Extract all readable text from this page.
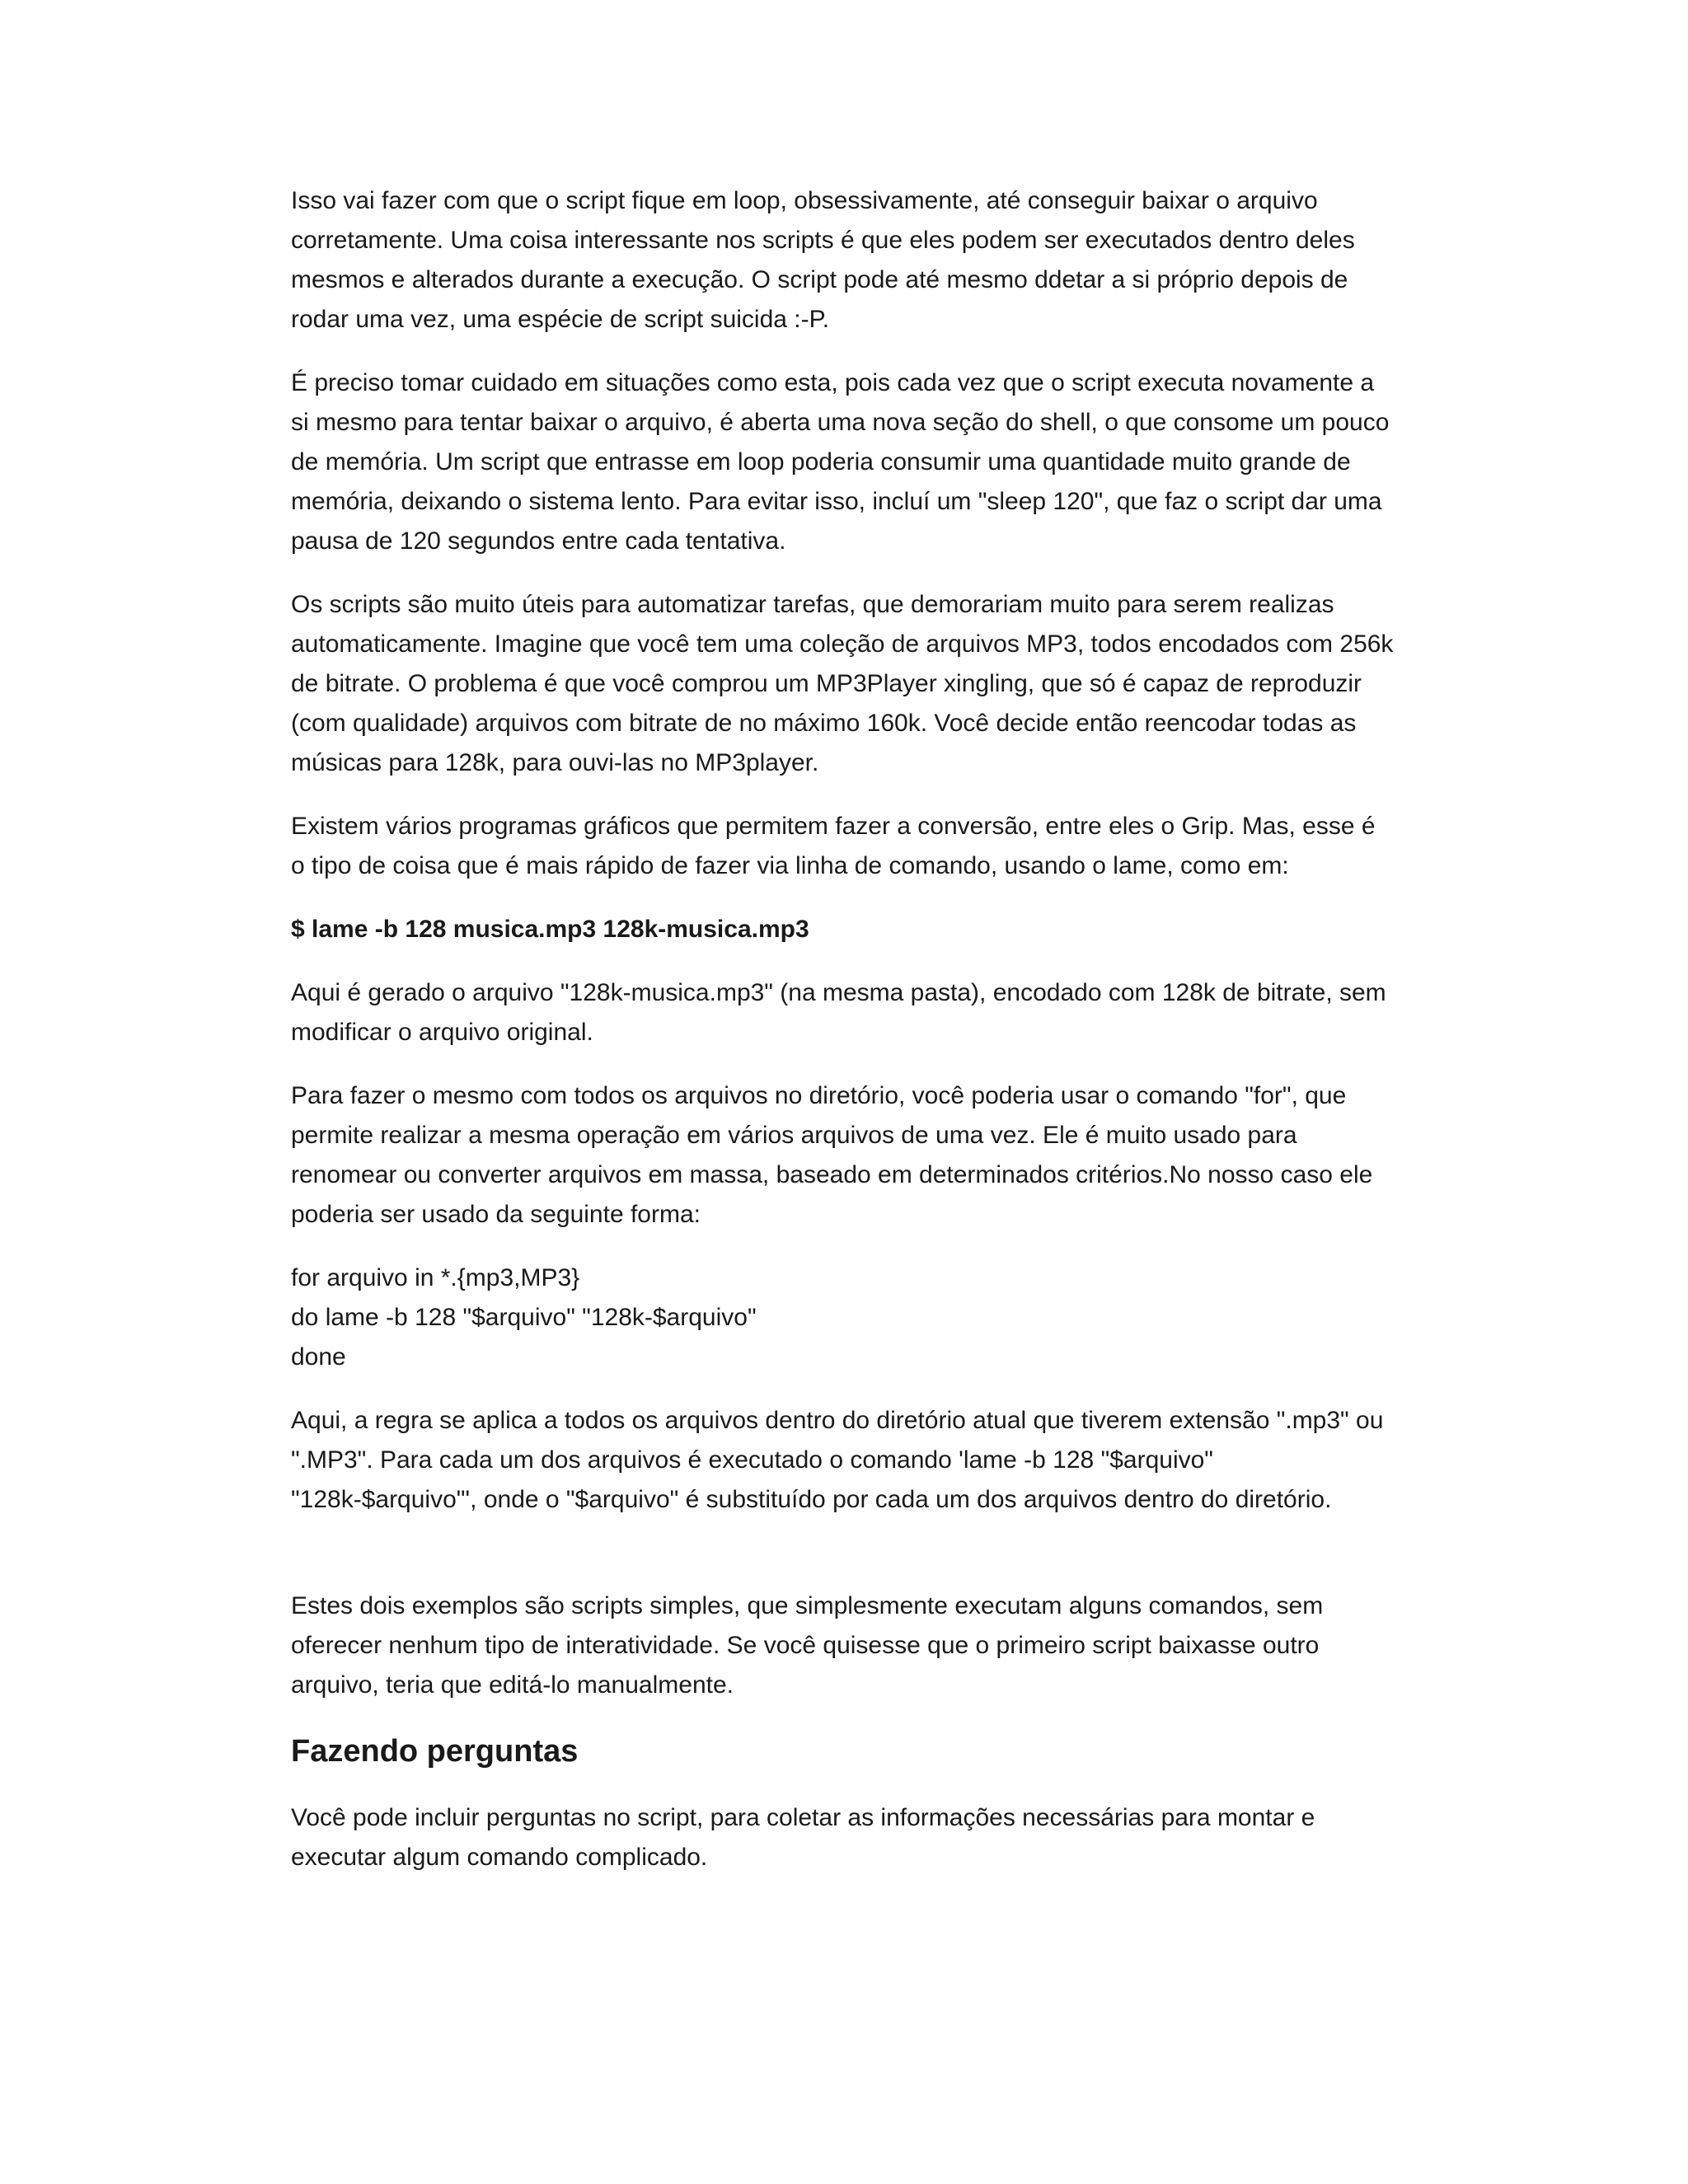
Isso vai fazer com que o script fique em loop, obsessivamente, até conseguir baixar o arquivo corretamente. Uma coisa interessante nos scripts é que eles podem ser executados dentro deles mesmos e alterados durante a execução. O script pode até mesmo ddetar a si próprio depois de rodar uma vez, uma espécie de script suicida :-P.

É preciso tomar cuidado em situações como esta, pois cada vez que o script executa novamente a si mesmo para tentar baixar o arquivo, é aberta uma nova seção do shell, o que consome um pouco de memória. Um script que entrasse em loop poderia consumir uma quantidade muito grande de memória, deixando o sistema lento. Para evitar isso, incluí um "sleep 120", que faz o script dar uma pausa de 120 segundos entre cada tentativa.

Os scripts são muito úteis para automatizar tarefas, que demorariam muito para serem realizas automaticamente. Imagine que você tem uma coleção de arquivos MP3, todos encodados com 256k de bitrate. O problema é que você comprou um MP3Player xingling, que só é capaz de reproduzir (com qualidade) arquivos com bitrate de no máximo 160k. Você decide então reencodar todas as músicas para 128k, para ouvi-las no MP3player.

Existem vários programas gráficos que permitem fazer a conversão, entre eles o Grip. Mas, esse é o tipo de coisa que é mais rápido de fazer via linha de comando, usando o lame, como em:

$ lame -b 128 musica.mp3 128k-musica.mp3

Aqui é gerado o arquivo "128k-musica.mp3" (na mesma pasta), encodado com 128k de bitrate, sem modificar o arquivo original.

Para fazer o mesmo com todos os arquivos no diretório, você poderia usar o comando "for", que permite realizar a mesma operação em vários arquivos de uma vez. Ele é muito usado para renomear ou converter arquivos em massa, baseado em determinados critérios.No nosso caso ele poderia ser usado da seguinte forma:

for arquivo in *.{mp3,MP3}
do lame -b 128 "$arquivo" "128k-$arquivo"
done

Aqui, a regra se aplica a todos os arquivos dentro do diretório atual que tiverem extensão ".mp3" ou ".MP3". Para cada um dos arquivos é executado o comando 'lame -b 128 "$arquivo" "128k-$arquivo"', onde o "$arquivo" é substituído por cada um dos arquivos dentro do diretório.

Estes dois exemplos são scripts simples, que simplesmente executam alguns comandos, sem oferecer nenhum tipo de interatividade. Se você quisesse que o primeiro script baixasse outro arquivo, teria que editá-lo manualmente.

Fazendo perguntas

Você pode incluir perguntas no script, para coletar as informações necessárias para montar e executar algum comando complicado.
